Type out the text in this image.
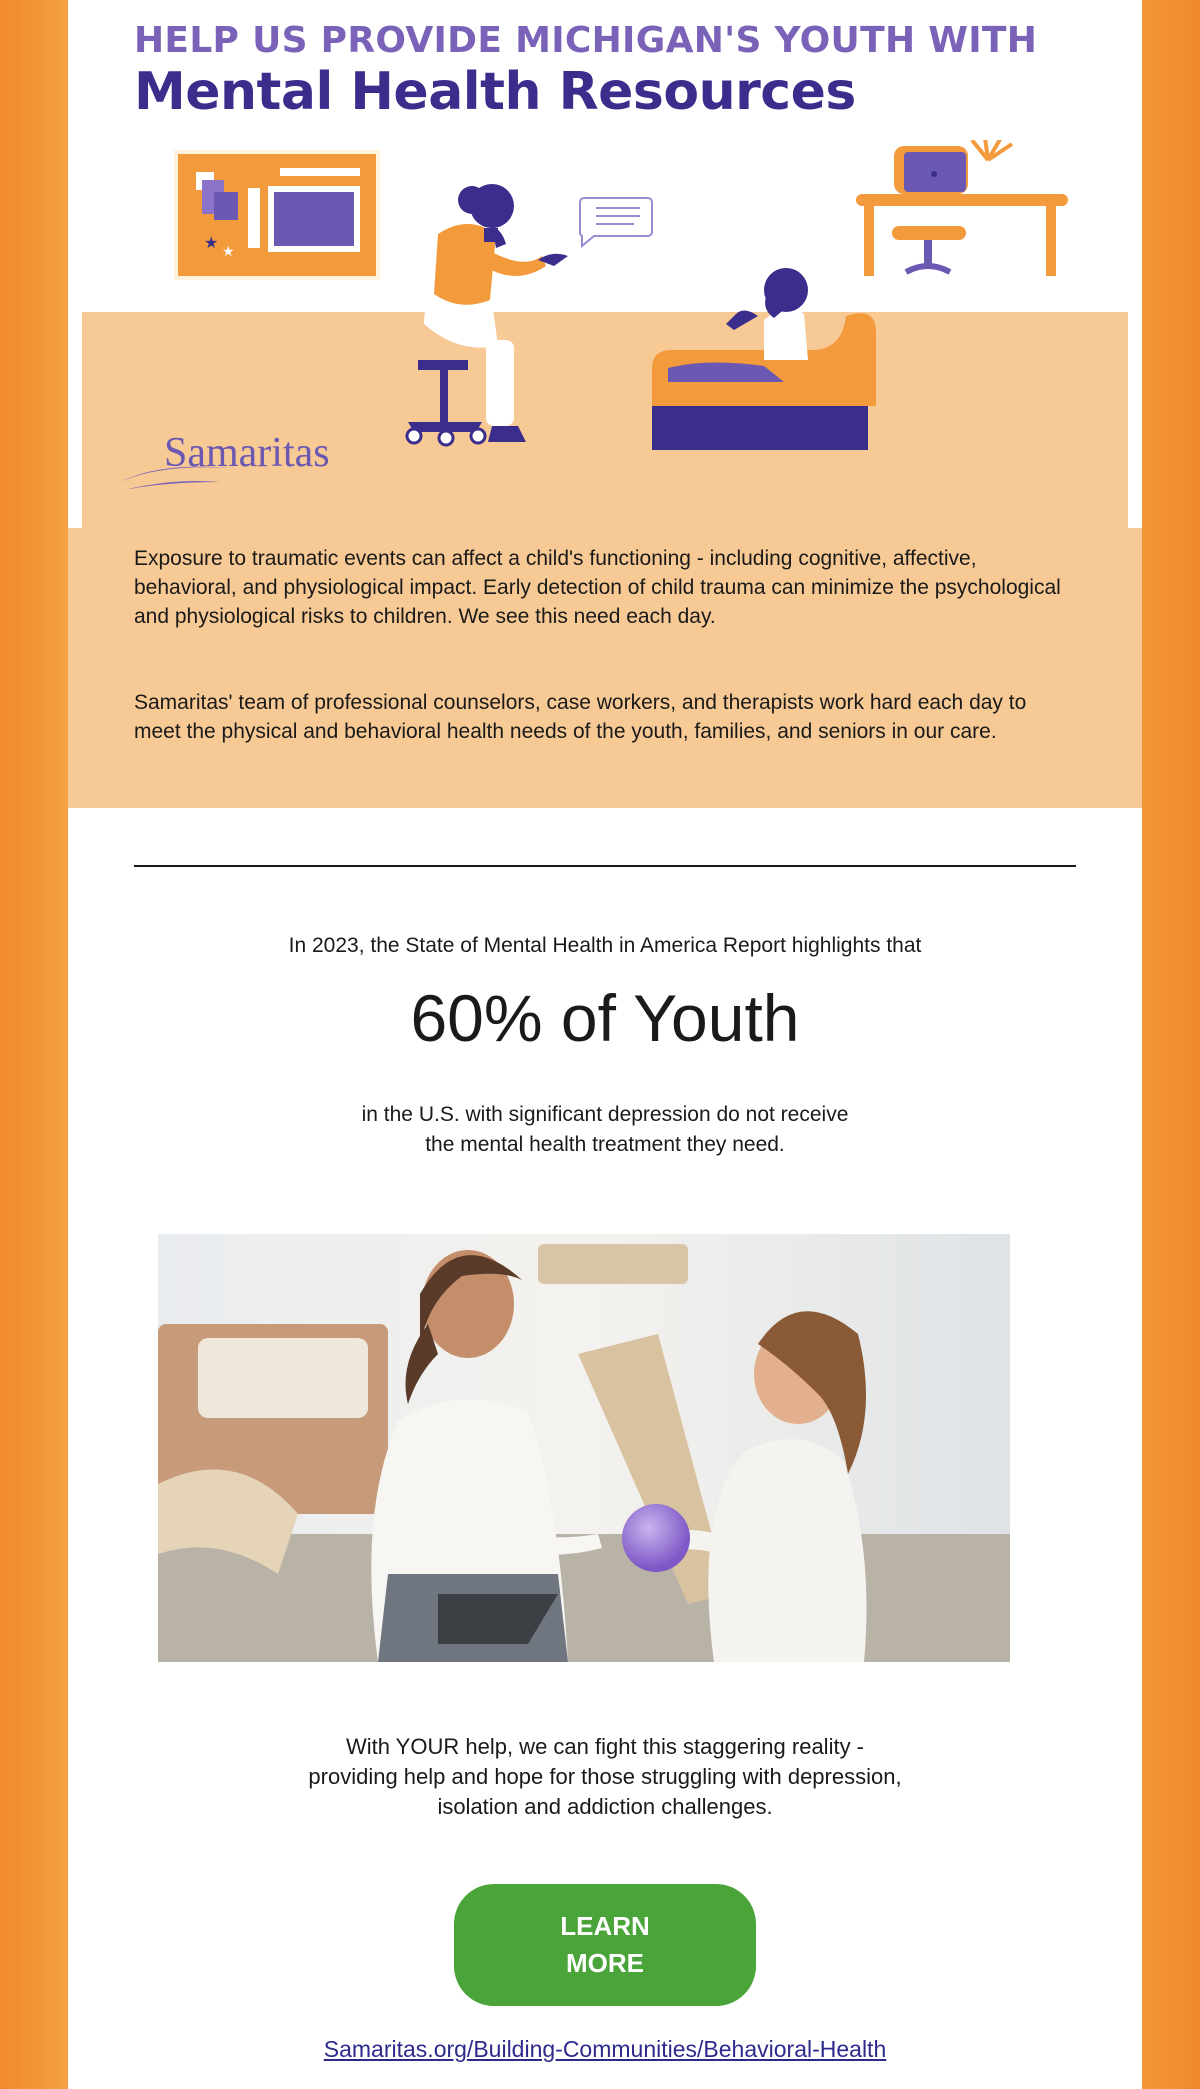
HELP US PROVIDE MICHIGAN'S YOUTH WITH
Mental Health Resources
★ ★
Samaritas

Exposure to traumatic events can affect a child's functioning - including cognitive, affective, behavioral, and physiological impact. Early detection of child trauma can minimize the psychological and physiological risks to children. We see this need each day.

Samaritas' team of professional counselors, case workers, and therapists work hard each day to meet the physical and behavioral health needs of the youth, families, and seniors in our care.

In 2023, the State of Mental Health in America Report highlights that
60% of Youth
in the U.S. with significant depression do not receive
the mental health treatment they need.
With YOUR help, we can fight this staggering reality -
providing help and hope for those struggling with depression,
isolation and addiction challenges.
LEARN
MORE
Samaritas.org/Building-Communities/Behavioral-Health
